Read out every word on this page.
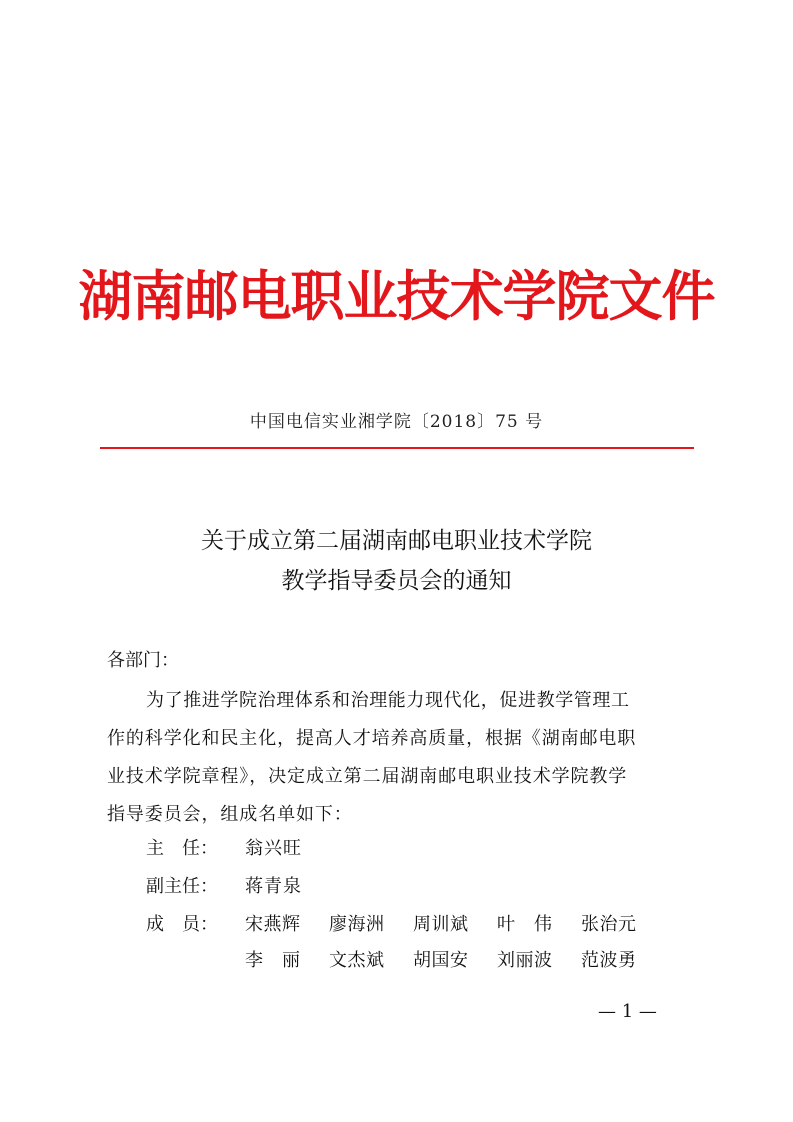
湖南邮电职业技术学院文件
中国电信实业湘学院〔2018〕75 号
关于成立第二届湖南邮电职业技术学院
教学指导委员会的通知
各部门：
为了推进学院治理体系和治理能力现代化，促进教学管理工
作的科学化和民主化，提高人才培养高质量，根据《湖南邮电职
业技术学院章程》，决定成立第二届湖南邮电职业技术学院教学
指导委员会，组成名单如下：
主　任： 翁兴旺
副主任： 蒋青泉
成　员： 宋燕辉	廖海洲	周训斌	叶　伟	张治元
李　丽	文杰斌	胡国安	刘丽波	范波勇
— 1 —
